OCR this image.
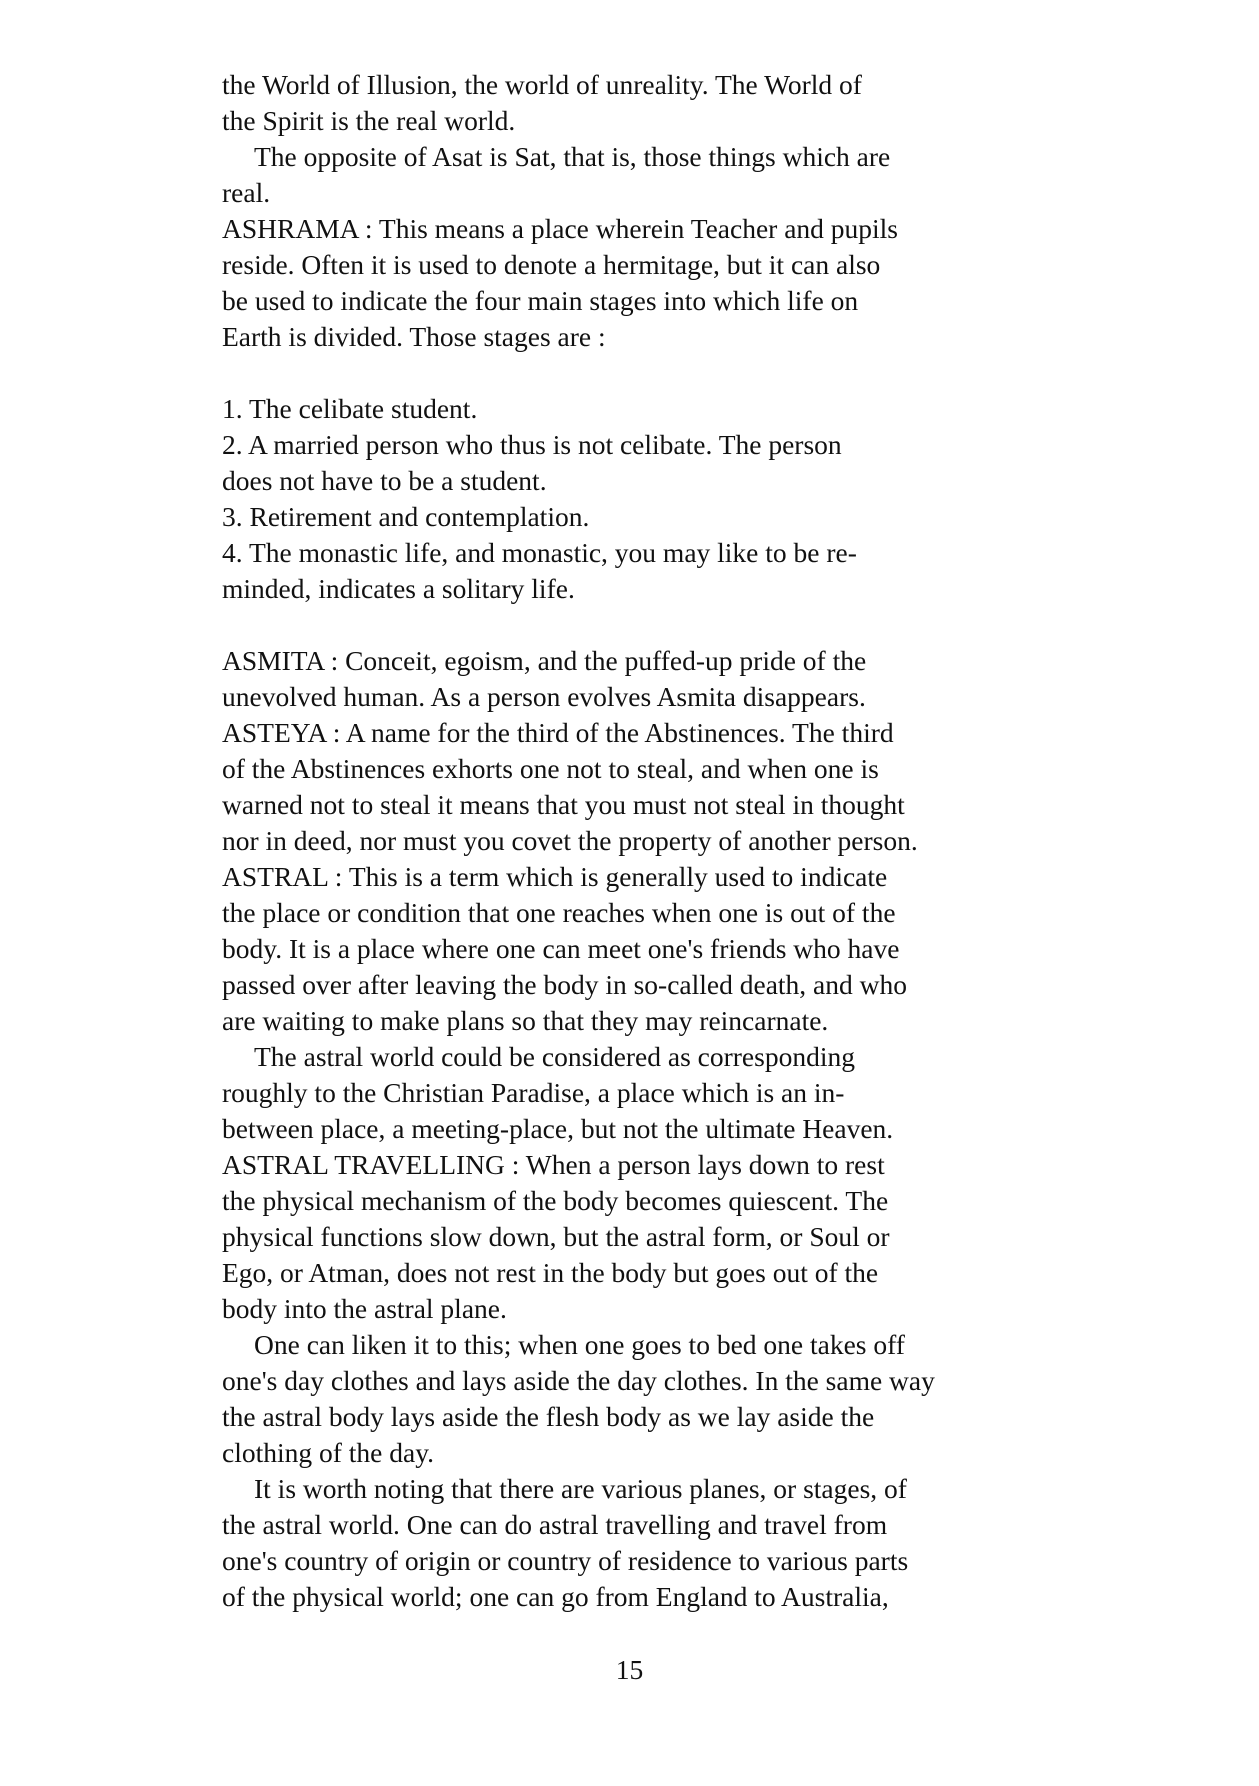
the World of Illusion, the world of unreality. The World of
the Spirit is the real world.
The opposite of Asat is Sat, that is, those things which are
real.
ASHRAMA : This means a place wherein Teacher and pupils
reside. Often it is used to denote a hermitage, but it can also
be used to indicate the four main stages into which life on
Earth is divided. Those stages are :
1. The celibate student.
2. A married person who thus is not celibate. The person
does not have to be a student.
3. Retirement and contemplation.
4. The monastic life, and monastic, you may like to be re-
minded, indicates a solitary life.
ASMITA : Conceit, egoism, and the puffed-up pride of the
unevolved human. As a person evolves Asmita disappears.
ASTEYA : A name for the third of the Abstinences. The third
of the Abstinences exhorts one not to steal, and when one is
warned not to steal it means that you must not steal in thought
nor in deed, nor must you covet the property of another person.
ASTRAL : This is a term which is generally used to indicate
the place or condition that one reaches when one is out of the
body. It is a place where one can meet one's friends who have
passed over after leaving the body in so-called death, and who
are waiting to make plans so that they may reincarnate.
The astral world could be considered as corresponding
roughly to the Christian Paradise, a place which is an in-
between place, a meeting-place, but not the ultimate Heaven.
ASTRAL TRAVELLING : When a person lays down to rest
the physical mechanism of the body becomes quiescent. The
physical functions slow down, but the astral form, or Soul or
Ego, or Atman, does not rest in the body but goes out of the
body into the astral plane.
One can liken it to this; when one goes to bed one takes off
one's day clothes and lays aside the day clothes. In the same way
the astral body lays aside the flesh body as we lay aside the
clothing of the day.
It is worth noting that there are various planes, or stages, of
the astral world. One can do astral travelling and travel from
one's country of origin or country of residence to various parts
of the physical world; one can go from England to Australia,
15
